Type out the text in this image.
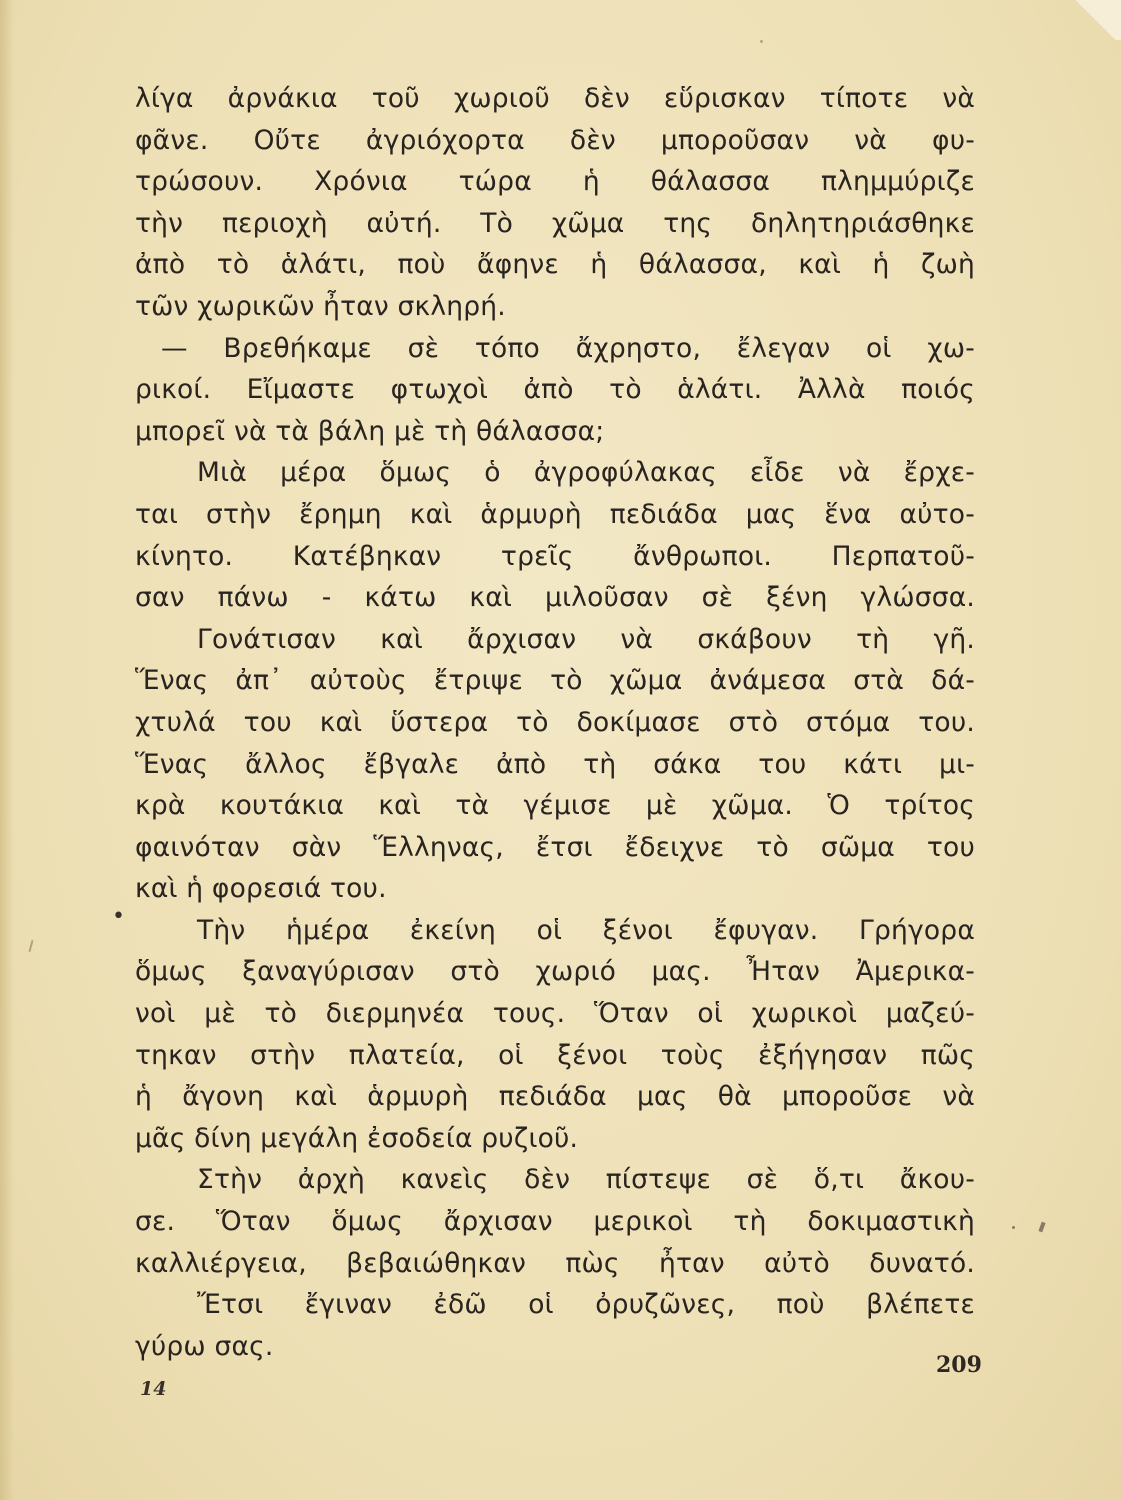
λίγα ἀρνάκια τοῦ χωριοῦ δὲν εὕρισκαν τίποτε νὰ
φᾶνε. Οὔτε ἀγριόχορτα δὲν μποροῦσαν νὰ φυ-
τρώσουν. Χρόνια τώρα ἡ θάλασσα πλημμύριζε
τὴν περιοχὴ αὐτή. Τὸ χῶμα της δηλητηριάσθηκε
ἀπὸ τὸ ἁλάτι, ποὺ ἄφηνε ἡ θάλασσα, καὶ ἡ ζωὴ
τῶν χωρικῶν ἦταν σκληρή.
— Βρεθήκαμε σὲ τόπο ἄχρηστο, ἔλεγαν οἱ χω-
ρικοί. Εἴμαστε φτωχοὶ ἀπὸ τὸ ἁλάτι. Ἀλλὰ ποιός
μπορεῖ νὰ τὰ βάλη μὲ τὴ θάλασσα;
Μιὰ μέρα ὅμως ὁ ἀγροφύλακας εἶδε νὰ ἔρχε-
ται στὴν ἔρημη καὶ ἁρμυρὴ πεδιάδα μας ἕνα αὐτο-
κίνητο. Κατέβηκαν τρεῖς ἄνθρωποι. Περπατοῦ-
σαν πάνω - κάτω καὶ μιλοῦσαν σὲ ξένη γλώσσα.
Γονάτισαν καὶ ἄρχισαν νὰ σκάβουν τὴ γῆ.
Ἕνας ἀπ᾽ αὐτοὺς ἔτριψε τὸ χῶμα ἀνάμεσα στὰ δά-
χτυλά του καὶ ὕστερα τὸ δοκίμασε στὸ στόμα του.
Ἕνας ἄλλος ἔβγαλε ἀπὸ τὴ σάκα του κάτι μι-
κρὰ κουτάκια καὶ τὰ γέμισε μὲ χῶμα. Ὁ τρίτος
φαινόταν σὰν Ἕλληνας, ἔτσι ἔδειχνε τὸ σῶμα του
καὶ ἡ φορεσιά του.
Τὴν ἡμέρα ἐκείνη οἱ ξένοι ἔφυγαν. Γρήγορα
ὅμως ξαναγύρισαν στὸ χωριό μας. Ἦταν Ἀμερικα-
νοὶ μὲ τὸ διερμηνέα τους. Ὅταν οἱ χωρικοὶ μαζεύ-
τηκαν στὴν πλατεία, οἱ ξένοι τοὺς ἐξήγησαν πῶς
ἡ ἄγονη καὶ ἁρμυρὴ πεδιάδα μας θὰ μποροῦσε νὰ
μᾶς δίνη μεγάλη ἐσοδεία ρυζιοῦ.
Στὴν ἀρχὴ κανεὶς δὲν πίστεψε σὲ ὅ,τι ἄκου-
σε. Ὅταν ὅμως ἄρχισαν μερικοὶ τὴ δοκιμαστικὴ
καλλιέργεια, βεβαιώθηκαν πὼς ἦταν αὐτὸ δυνατό.
Ἔτσι ἔγιναν ἐδῶ οἱ ὀρυζῶνες, ποὺ βλέπετε
γύρω σας.
•
14
209
